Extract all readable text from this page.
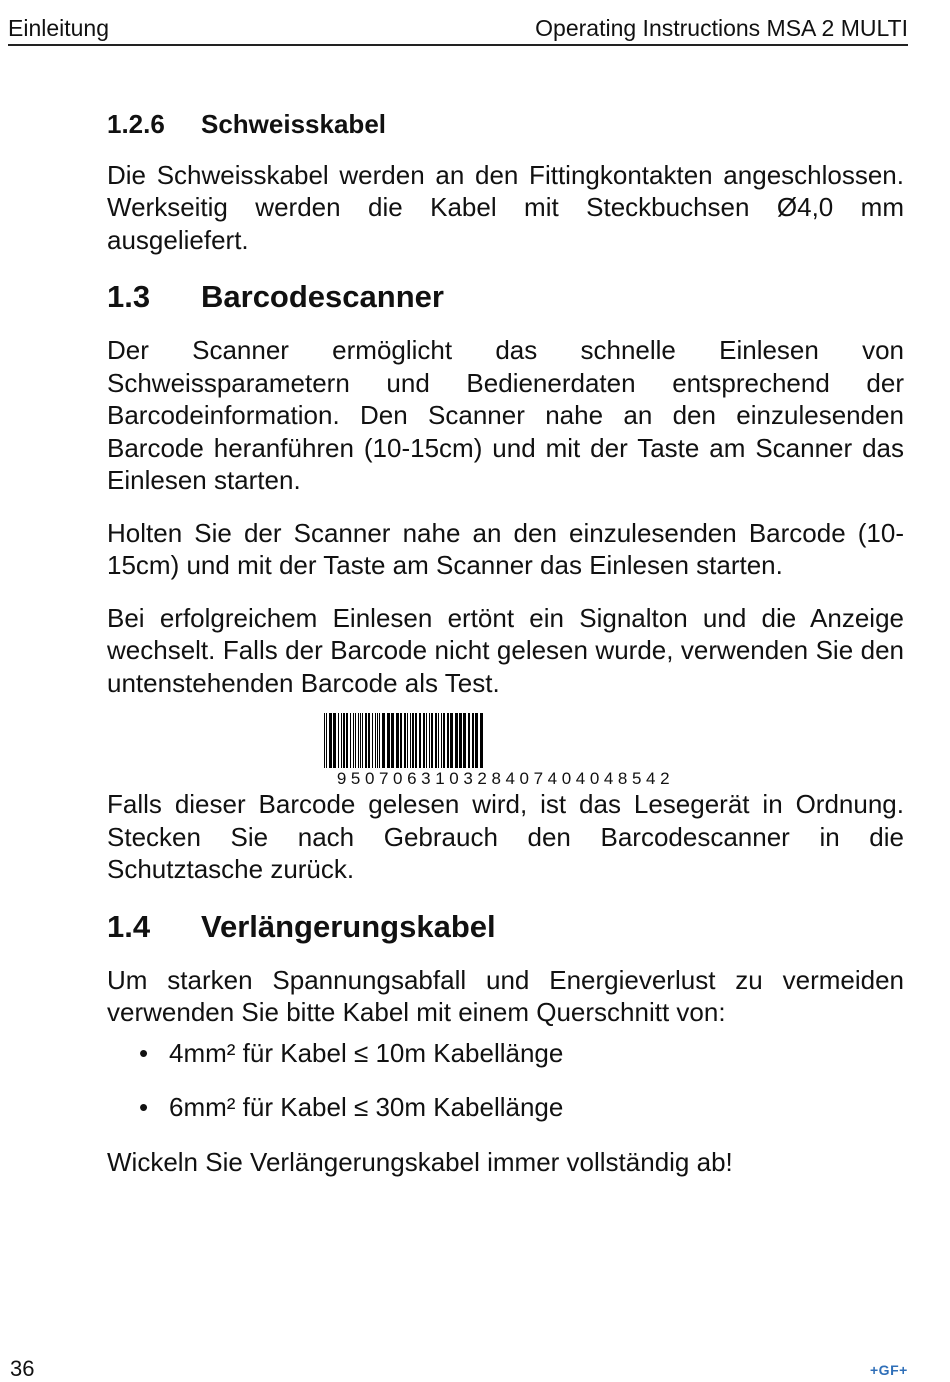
Einleitung	Operating Instructions MSA 2 MULTI
1.2.6 Schweisskabel

Die Schweisskabel werden an den Fittingkontakten angeschlossen. Werkseitig werden die Kabel mit Steckbuchsen Ø4,0 mm ausgeliefert.

1.3 Barcodescanner

Der Scanner ermöglicht das schnelle Einlesen von Schweissparametern und Bedienerdaten entsprechend der Barcodeinformation. Den Scanner nahe an den einzulesenden Barcode heranführen (10-15cm) und mit der Taste am Scanner das Einlesen starten.

Holten Sie der Scanner nahe an den einzulesenden Barcode (10-15cm) und mit der Taste am Scanner das Einlesen starten.

Bei erfolgreichem Einlesen ertönt ein Signalton und die Anzeige wechselt. Falls der Barcode nicht gelesen wurde, verwenden Sie den untenstehenden Barcode als Test.

950706310328407404048542

Falls dieser Barcode gelesen wird, ist das Lesegerät in Ordnung. Stecken Sie nach Gebrauch den Barcodescanner in die Schutztasche zurück.

1.4 Verlängerungskabel

Um starken Spannungsabfall und Energieverlust zu vermeiden verwenden Sie bitte Kabel mit einem Querschnitt von:

• 4mm² für Kabel ≤ 10m Kabellänge
• 6mm² für Kabel ≤ 30m Kabellänge

Wickeln Sie Verlängerungskabel immer vollständig ab!

36	+GF+
